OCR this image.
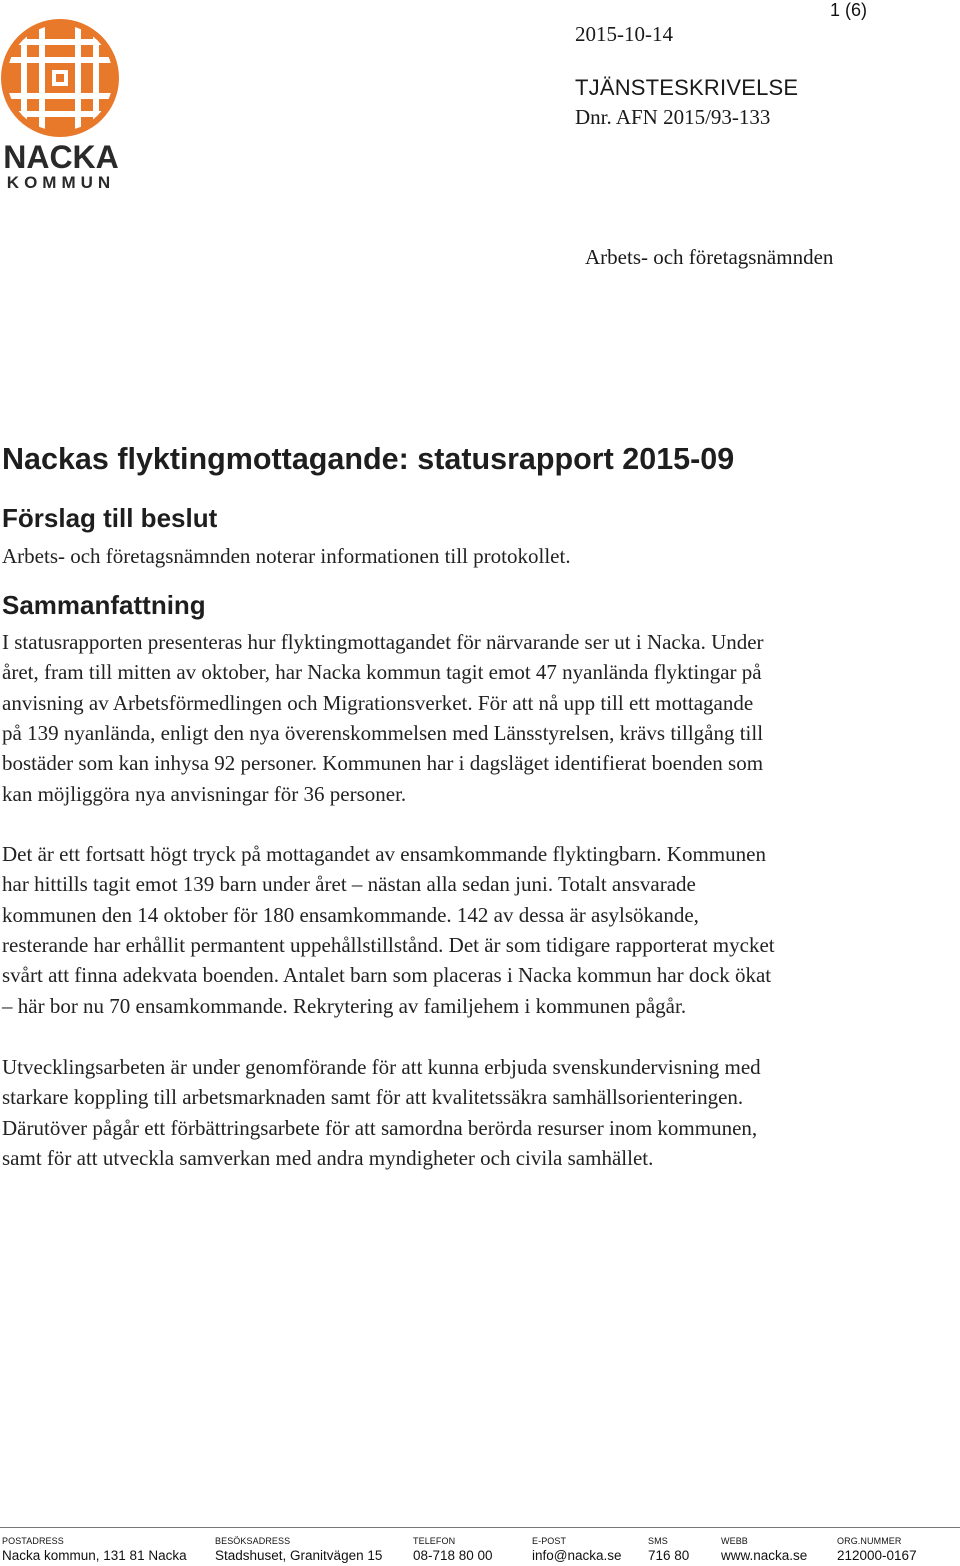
NACKA
KOMMUN
1 (6)
2015-10-14
TJÄNSTESKRIVELSE
Dnr. AFN 2015/93-133
Arbets- och företagsnämnden
Nackas flyktingmottagande: statusrapport 2015-09
Förslag till beslut
Arbets- och företagsnämnden noterar informationen till protokollet.
Sammanfattning

I statusrapporten presenteras hur flyktingmottagandet för närvarande ser ut i Nacka. Under
året, fram till mitten av oktober, har Nacka kommun tagit emot 47 nyanlända flyktingar på
anvisning av Arbetsförmedlingen och Migrationsverket. För att nå upp till ett mottagande
på 139 nyanlända, enligt den nya överenskommelsen med Länsstyrelsen, krävs tillgång till
bostäder som kan inhysa 92 personer. Kommunen har i dagsläget identifierat boenden som
kan möjliggöra nya anvisningar för 36 personer.

Det är ett fortsatt högt tryck på mottagandet av ensamkommande flyktingbarn. Kommunen
har hittills tagit emot 139 barn under året – nästan alla sedan juni. Totalt ansvarade
kommunen den 14 oktober för 180 ensamkommande. 142 av dessa är asylsökande,
resterande har erhållit permantent uppehållstillstånd. Det är som tidigare rapporterat mycket
svårt att finna adekvata boenden. Antalet barn som placeras i Nacka kommun har dock ökat
– här bor nu 70 ensamkommande. Rekrytering av familjehem i kommunen pågår.

Utvecklingsarbeten är under genomförande för att kunna erbjuda svenskundervisning med
starkare koppling till arbetsmarknaden samt för att kvalitetssäkra samhällsorienteringen.
Därutöver pågår ett förbättringsarbete för att samordna berörda resurser inom kommunen,
samt för att utveckla samverkan med andra myndigheter och civila samhället.

POSTADRESS
Nacka kommun, 131 81 Nacka
BESÖKSADRESS
Stadshuset, Granitvägen 15
TELEFON
08-718 80 00
E-POST
info@nacka.se
SMS
716 80
WEBB
www.nacka.se
ORG.NUMMER
212000-0167
